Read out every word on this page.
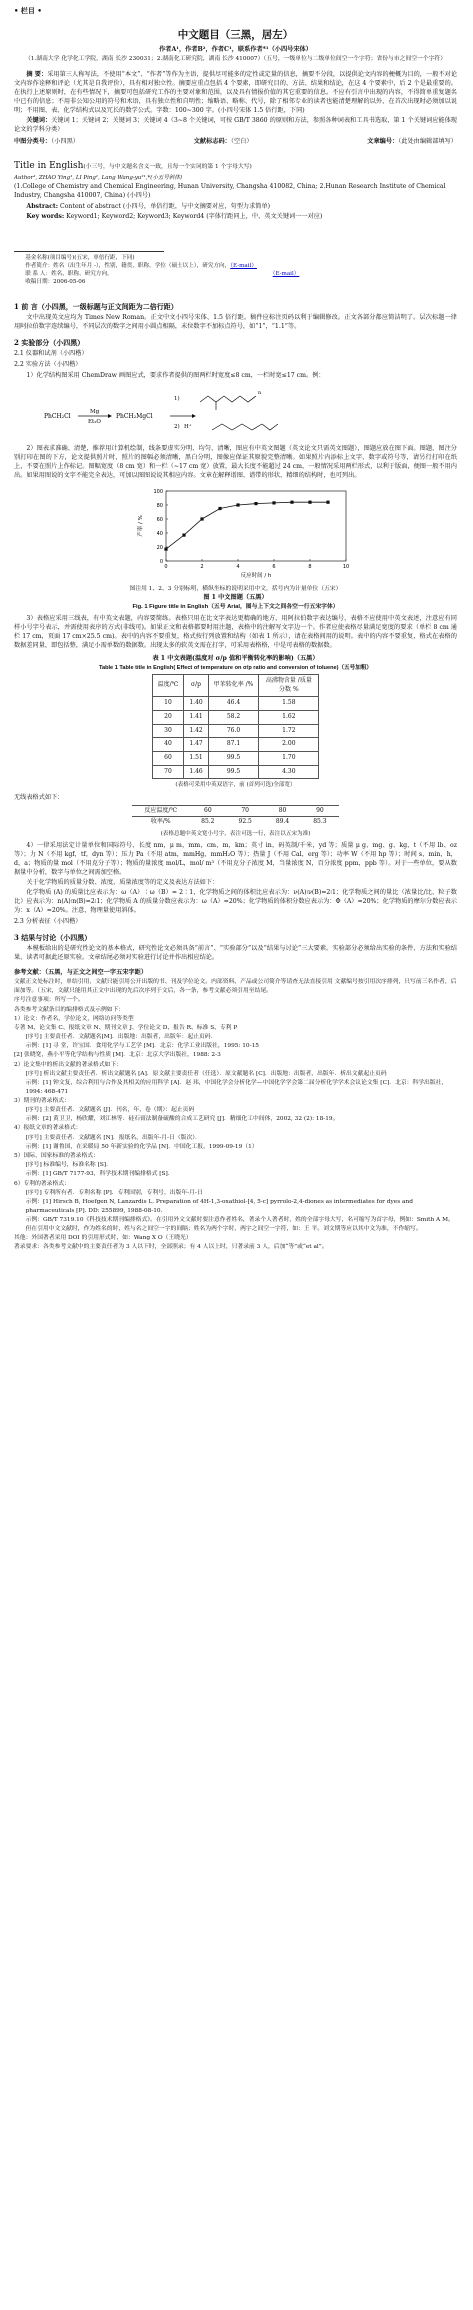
• 栏目 •
中文题目（三黑，居左）
作者A¹，作者B²，作者C¹，联系作者*¹（小四号宋体）
（1.湖南大学 化学化工学院，湖南 长沙 230031；2.湖南化工研究院，湖南 长沙 410007）（五号，一级单位与二级单位间空一个字符；省份与市之间空一个字符）
摘 要：采用第三人称写法，不使用“本文”、“作者”等作为主语，提供尽可能多的定性或定量的信息，摘要不分段，以提供论文内容的梗概为目的，一般不对论文内容作诠释和评论（尤其是自我评价），具有相对独立性。摘要应重点包括 4 个要素，即研究目的、方法、结果和结论，在这 4 个要素中，后 2 个是最重要的。在执行上述原则时，在有些情况下，摘要可包括研究工作的主要对象和范围，以及具有情报价值的其它重要的信息。不应有引言中出现的内容，不得简单重复题名中已有的信息；不用非公知公用的符号和术语，具有独立性和自明性；缩略语、略称、代号，除了相邻专业的读者也能清楚理解的以外，在首次出现时必须加以说明；不用图、表、化学结构式以及冗长的数学公式。字数：100~300 字。(小四号宋体 1.5 倍行距，下同)
关键词：关键词 1；关键词 2；关键词 3；关键词 4（3~8 个关键词，可按 GB/T 3860 的原则和方法，参照各种词表和工具书选取，第 1 个关键词应能体现论文的学科分类）
中图分类号：（小四黑）	文献标志码：（空白）	文章编号：（此处由编辑部填写）
Title in English(小三号，与中文题名含义一致，且每一个实词的第 1 个字母大写)
Author¹, ZHAO Ying¹, LI Ping¹, Lang Wang-yu²¹,*(小五号斜体)
(1.College of Chemistry and Chemical Engineering, Hunan University, Changsha 410082, China; 2.Hunan Research Institute of Chemical Industry, Changsha 410007, China) (小四号)
Abstract: Content of abstract (小四号，单倍行距，与中文摘要对应，句型力求简单)
Key words: Keyword1; Keyword2; Keyword3; Keyword4 (字体行距同上，中、英文关键词一一对应)
基金名称(项目编号)(五宋，单倍行距，下同)
作者简介：姓名（出生年月 -），性别，籍贯，职称，学位（硕士以上），研究方向，（E-mail）
联 系 人：姓名，职称，研究方向，	（E-mail）
收稿日期：2006-05-06
1 前 言（小四黑，一级标题与正文间距为二倍行距）
文中出现英文应均为 Times New Roman。正文中文小四号宋体、1.5 倍行距。稿件应标注页码以利于编辑修改。正文各部分都应简洁明了。层次标题一律用阿拉伯数字连续编号，不同层次的数字之间用小圆点相隔，末位数字不加标点符号，如“1”，“1.1”等。
2 实验部分（小四黑）
2.1 仪器和试剂（小四楷）
2.2 实验方法（小四楷）
1）化学结构图采用 ChemDraw 画图应式，要求作者提供的图两栏时宽度≤8 cm，一栏时宽≤17 cm。例：
PhCH₂Cl
Mg
Et₂O
PhCH₂MgCl
1)
2) H⁺
n
2）图表求准确、清楚，推荐用计算机绘制，线条要虚实分明、均匀、清晰，图应有中英文图题（英文论文只需英文图题），图题应放在图下面。图题、图注分别打印在图的下方，论文提供照片时，照片的图幅必须清晰，黑白分明，图像应保证其原貌完整清晰。如果照片内添标上文字，数字或符号等，请另行打印在纸上，不要在照片上作标记。图幅宽度（8 cm 宽）和一栏（~17 cm 宽）放置，最大长度不能超过 24 cm，一般情况采用两栏形式，以利于版面，便图一般不用内出。如果用图说的文字不能完全表达，可加以图图说说其相应内容。文章在解释谱图、谱带的形状、精细的结构时，也可列出。
0	2	4	6	8	10
0
20
40
60
80
100
反应时间 / h
产率 / %
图注用 1、2、3 分别标明，横纵坐标的说明采用中文，括号内为计量单位（五宋）
图 1 中文图题（五黑）
Fig. 1 Figure title in English（五号 Arial，图与上下文之间各空一行五宋字体）
3）表格应采用三线表，有中英文表题，内容要简练。表格只用在比文字表达更精确的地方，用阿拉伯数字表达编号，表格不应使用中英文表述，注意应有同样小号字号表示，并需使用表序的方式(非线可)。如果正文和表格都要时用注题，表格中的注解写文字边一个。作者应使表格尽量满足宽度的要求（单栏 8 cm 通栏 17 cm，页面 17 cm×25.5 cm)。表中的内容不要重复，格式按行列放置和结构（如表 1 所示），请在表格间用的说明。表中的内容不要重复，格式在表格的数据差同量，即包括整，满足小需单数的数据数。出现太多的软英文需在打字，可采用表格格，中是可表格的数据数。
表 1 中文表题(温度对 σ/p 值和平衡转化率的影响)（五黑）
Table 1 Table title in English( Effect of temperature on σ/p ratio and conversion of toluene)（五号加粗）
温度/℃	σ/p	甲苯转化率 /%	高沸物含量 /质量分数 %
10	1.40	46.4	1.58
20	1.41	58.2	1.62
30	1.42	76.0	1.72
40	1.47	87.1	2.00
60	1.51	99.5	1.70
70	1.46	99.5	4.30
(表格可采用中英双语字，前 (首列可选)全部宽）
无线表格式如下：
反应温度/℃	60	70	80	90
收率/%	85.2	92.5	89.4	85.3
(表格总题中英文宽小号字，表注可选一行，表注以五宋为准)
4）一律采用法定计量单位和国际符号，长度 nm，μ m，mm，cm，m，km；英寸 in，码英制/千米，yd 等；质量 μ g、mg、g、kg、t（不用 lb、oz 等）；力 N（不用 kgf，tf，dyn 等）；压力 Pa（不用 atm，mmHg，mmH₂O 等）；热量 J（不用 Cal，erg 等）；功率 W（不用 hp 等）；时间 s，min，h，d，a；物质的量 mol（不用克分子等）；物质的量浓度 mol/L，mol/ m³（不用克分子浓度 M，当量浓度 N，百分浓度 ppm，ppb 等）。对于一些单位，要从数据量中分析，数字与单位之间需加空格。
关于化学物质的质量分数、浓度、质量浓度等的定义及表达方法如下：
化学物质 (A) 的质量比应表示为：ω（A）∶ω（B）= 2∶1，化学物质之间的体积比应表示为：ν(A)∶ν(B)=2∶1；化学物质之间的量比（浓量比/比、粒子数比）应表示为：n(A)∶n(B)=2∶1；化学物质 A 的质量分数应表示为：ω（A）=20%；化学物质的体积分数应表示为：Φ（A）=20%；化学物质的摩尔分数应表示为：x（A）=20%。注意，物理量使用斜体。
2.3 分析表征（小四楷）
3 结果与讨论（小四黑）
本模板给出的是研究性论文的基本格式，研究性论文必须具备“前言”、“实验部分”以及“结果与讨论”三大要素。实验部分必须给出实验的条件、方法和实验结果，读者可据此还原实验。文章结尾必须对实验进行讨论并作出相应结论。
参考文献：（五黑，与正文之间空一字五宋字距）
文献正文处标注时，单结引用，文献只能引用公开出版的书、刊及学位论文。内部资料、产品或公司简介等请查无法直接引用 文献编号按引用次序排列，只写前三名作者，后面加等。（五宋，文献只能用其正文中出现的先后次序列于文后，各一条，参考文献必须引用至结尾。
序号注意事项：所写一个。
各类参考文献条目的编排格式及示例如下：
1）论文：作者名，学位论文，网络访问等类型
专著 M、论文集 C、报纸文章 N、期刊文章 J、学位论文 D、报告 R、标准 S、专利 P
[序号] 主要责任者．文献题名[M]．出版地：出版者，出版年：起止页码．
示例：[1] 寻 堂，许宝国．食用化学与工艺学 [M]．北京：化学工业出版社，1995: 10-15
[2] 张晓宽，燕小平等化学结构与性质 [M]．北京：北京大学出版社，1988: 2-3
2）论文集中的析出文献的著录格式如下：
[序号] 析出文献主要责任者．析出文献题名 [A]．原文献主要责任者（任选）．原文献题名 [C]．出版地：出版者，出版年．析出文献起止页码
示例：[1] 钟文复，综合利用与合作及其相关的应用科学 [A]．赵 玮，中国化学会分析化学—中国化学学会第二届分析化学学术会议论文集 [C]．北京：科学出版社，1994: 468-471
3）期刊的著录格式：
[序号] 主要责任者．文献题名 [J]．刊名，年，卷（期）：起止页码
示例：[2] 黄卫卫，杨欣耀，刘江林等．硅石膏法制备硫酸的合成工艺研究 [J]．精细化工中间体，2002, 32 (2): 18-19。
4）报纸文章的著录格式：
[序号] 主要责任者．文献题名 [N]．报纸名，出版年-月-日（版次）．
示例：[1] 谢鲁国，在采暖局 50 年新实验的化学品 [N]．中国化工报，1999-09-19（1）
5）国际，国家标准的著录格式：
[序号] 标准编号，标准名称 [S]．
示例：[1] GB/T 7177-93，科学技术期刊编排格式 [S]．
6）专利的著录格式：
[序号] 专利所有者．专利名称 [P]．专利国别，专利号，出版年-月-日
示例：[1] Hirsch B, Hoefgen N, Lanzardis L. Preparation of 4H-1,3-oxathiol-[4, 5-c] pyrrolo-2,4-diones as intermediates for dyes and pharmaceuticals [P]. DD: 255899, 1988-08-10.
示例：GB/T 7319.10《科技技术期刊编排格式》。在引用外文文献时要注意作者姓名，著录个人著者时，姓的全部字母大写，名可缩写为首字母，例如：Smith A M。但在引用中文文献时，作为姓名的时，姓与名之间空一字的间隔；姓名为两个字时，两字之间空一字符，如：王 平。刘文期等应以其中文为准，不作缩写。
其他：外国著者采用 DOI 的引用形式时，如：Wang X O（王晓光）
著录要求：各类参考文献中的主要责任者为 3 人以下时，全部照录；有 4 人以上时，只著录前 3 人，后加“等”或“et al”。
